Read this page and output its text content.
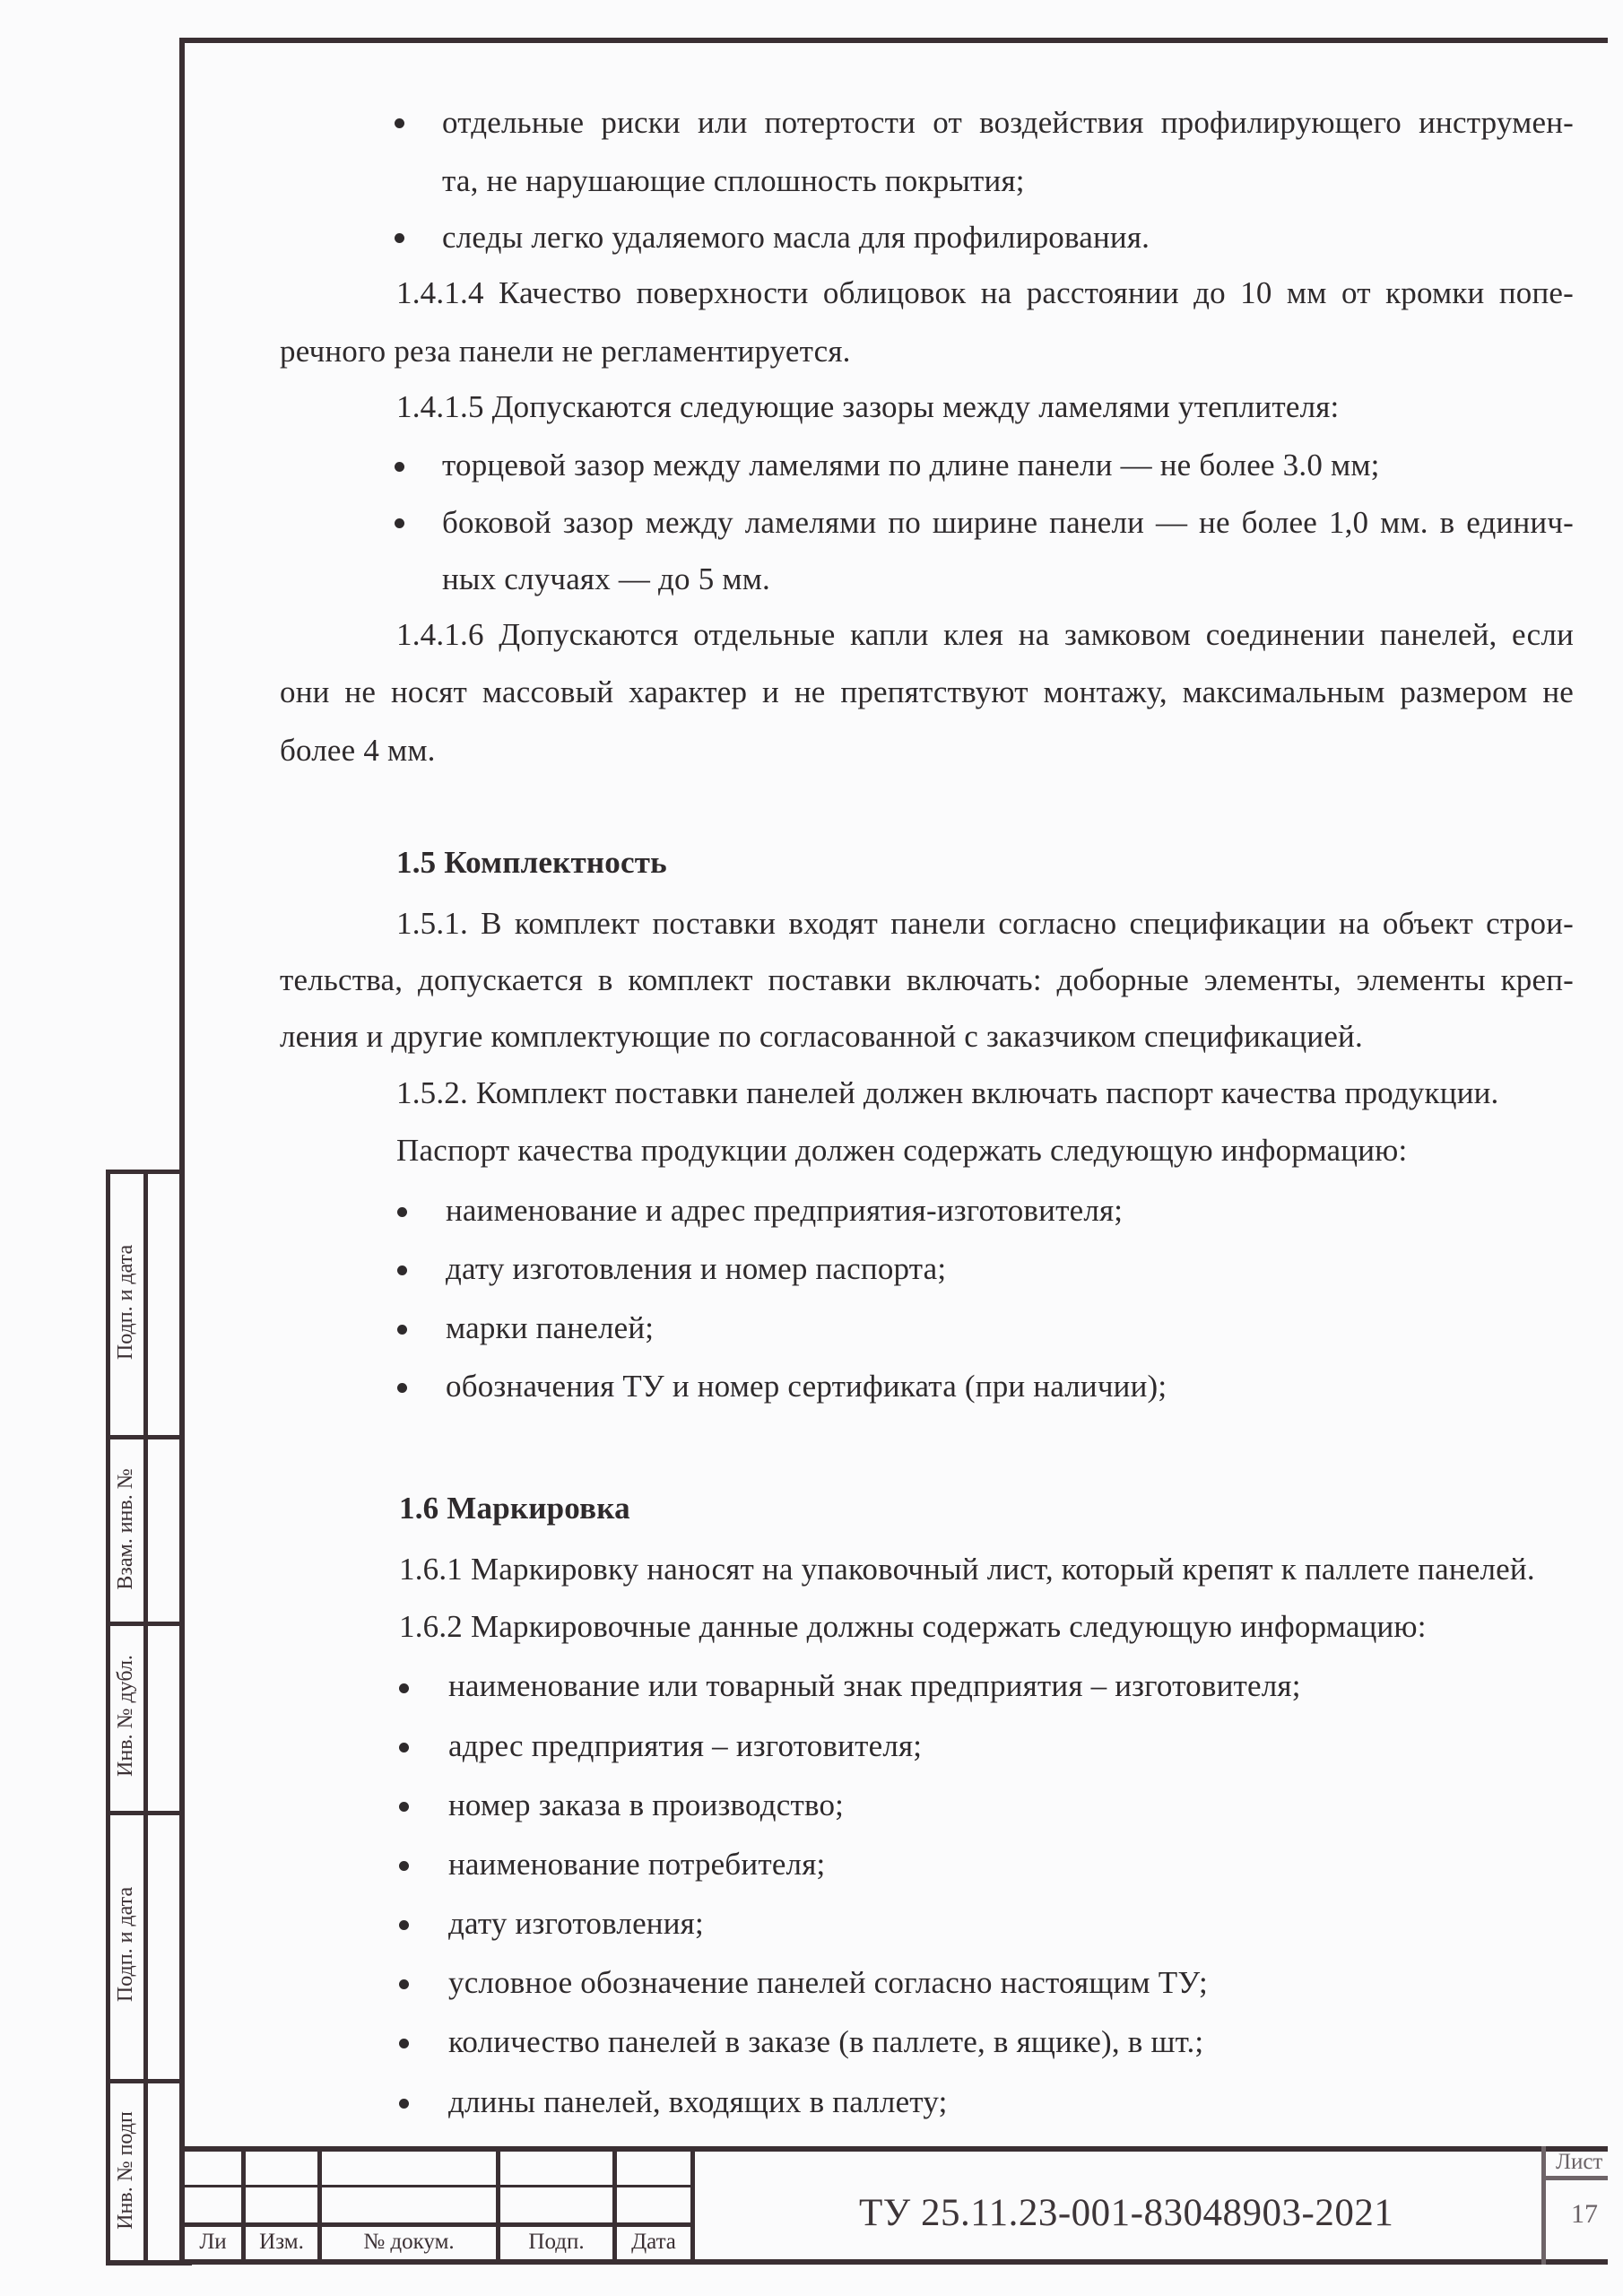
Подп. и дата
Взам. инв. №
Инв. № дубл.
Подп. и дата
Инв. № подп
отдельные риски или потертости от воздействия профилирующего инструмен-
та, не нарушающие сплошность покрытия;
следы легко удаляемого масла для профилирования.
1.4.1.4 Качество поверхности облицовок на расстоянии до 10 мм от кромки попе-
речного реза панели не регламентируется.
1.4.1.5 Допускаются следующие зазоры между ламелями утеплителя:
торцевой зазор между ламелями по длине панели — не более 3.0 мм;
боковой зазор между ламелями по ширине панели — не более 1,0 мм. в единич-
ных случаях — до 5 мм.
1.4.1.6 Допускаются отдельные капли клея на замковом соединении панелей, если
они не носят массовый характер и не препятствуют монтажу, максимальным размером не
более 4 мм.
1.5 Комплектность
1.5.1. В комплект поставки входят панели согласно спецификации на объект строи-
тельства, допускается в комплект поставки включать: доборные элементы, элементы креп-
ления и другие комплектующие по согласованной с заказчиком спецификацией.
1.5.2. Комплект поставки панелей должен включать паспорт качества продукции.
Паспорт качества продукции должен содержать следующую информацию:
наименование и адрес предприятия-изготовителя;
дату изготовления и номер паспорта;
марки панелей;
обозначения ТУ и номер сертификата (при наличии);
1.6 Маркировка
1.6.1 Маркировку наносят на упаковочный лист, который крепят к паллете панелей.
1.6.2 Маркировочные данные должны содержать следующую информацию:
наименование или товарный знак предприятия – изготовителя;
адрес предприятия – изготовителя;
номер заказа в производство;
наименование потребителя;
дату изготовления;
условное обозначение панелей согласно настоящим ТУ;
количество панелей в заказе (в паллете, в ящике), в шт.;
длины панелей, входящих в паллету;
Ли	Изм.	№ докум.	Подп.	Дата
ТУ 25.11.23-001-83048903-2021
Лист
17
